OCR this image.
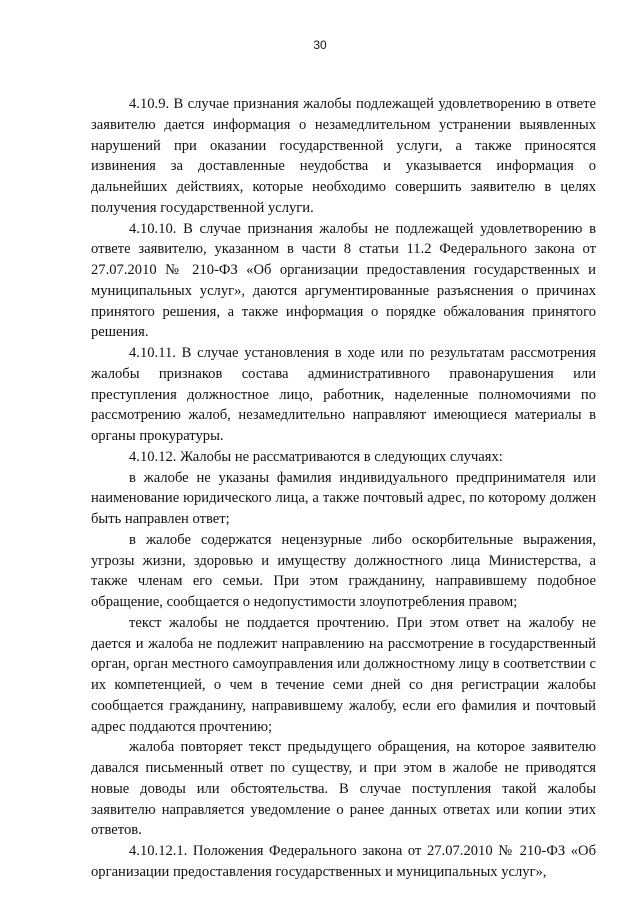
30

4.10.9. В случае признания жалобы подлежащей удовлетворению в ответе заявителю дается информация о незамедлительном устранении выявленных нарушений при оказании государственной услуги, а также приносятся извинения за доставленные неудобства и указывается информация о дальнейших действиях, которые необходимо совершить заявителю в целях получения государственной услуги.

4.10.10. В случае признания жалобы не подлежащей удовлетворению в ответе заявителю, указанном в части 8 статьи 11.2 Федерального закона от 27.07.2010 № 210-ФЗ «Об организации предоставления государственных и муниципальных услуг», даются аргументированные разъяснения о причинах принятого решения, а также информация о порядке обжалования принятого решения.

4.10.11. В случае установления в ходе или по результатам рассмотрения жалобы признаков состава административного правонарушения или преступления должностное лицо, работник, наделенные полномочиями по рассмотрению жалоб, незамедлительно направляют имеющиеся материалы в органы прокуратуры.

4.10.12. Жалобы не рассматриваются в следующих случаях:

в жалобе не указаны фамилия индивидуального предпринимателя или наименование юридического лица, а также почтовый адрес, по которому должен быть направлен ответ;

в жалобе содержатся нецензурные либо оскорбительные выражения, угрозы жизни, здоровью и имуществу должностного лица Министерства, а также членам его семьи. При этом гражданину, направившему подобное обращение, сообщается о недопустимости злоупотребления правом;

текст жалобы не поддается прочтению. При этом ответ на жалобу не дается и жалоба не подлежит направлению на рассмотрение в государственный орган, орган местного самоуправления или должностному лицу в соответствии с их компетенцией, о чем в течение семи дней со дня регистрации жалобы сообщается гражданину, направившему жалобу, если его фамилия и почтовый адрес поддаются прочтению;

жалоба повторяет текст предыдущего обращения, на которое заявителю давался письменный ответ по существу, и при этом в жалобе не приводятся новые доводы или обстоятельства. В случае поступления такой жалобы заявителю направляется уведомление о ранее данных ответах или копии этих ответов.

4.10.12.1. Положения Федерального закона от 27.07.2010 № 210-ФЗ «Об организации предоставления государственных и муниципальных услуг»,
